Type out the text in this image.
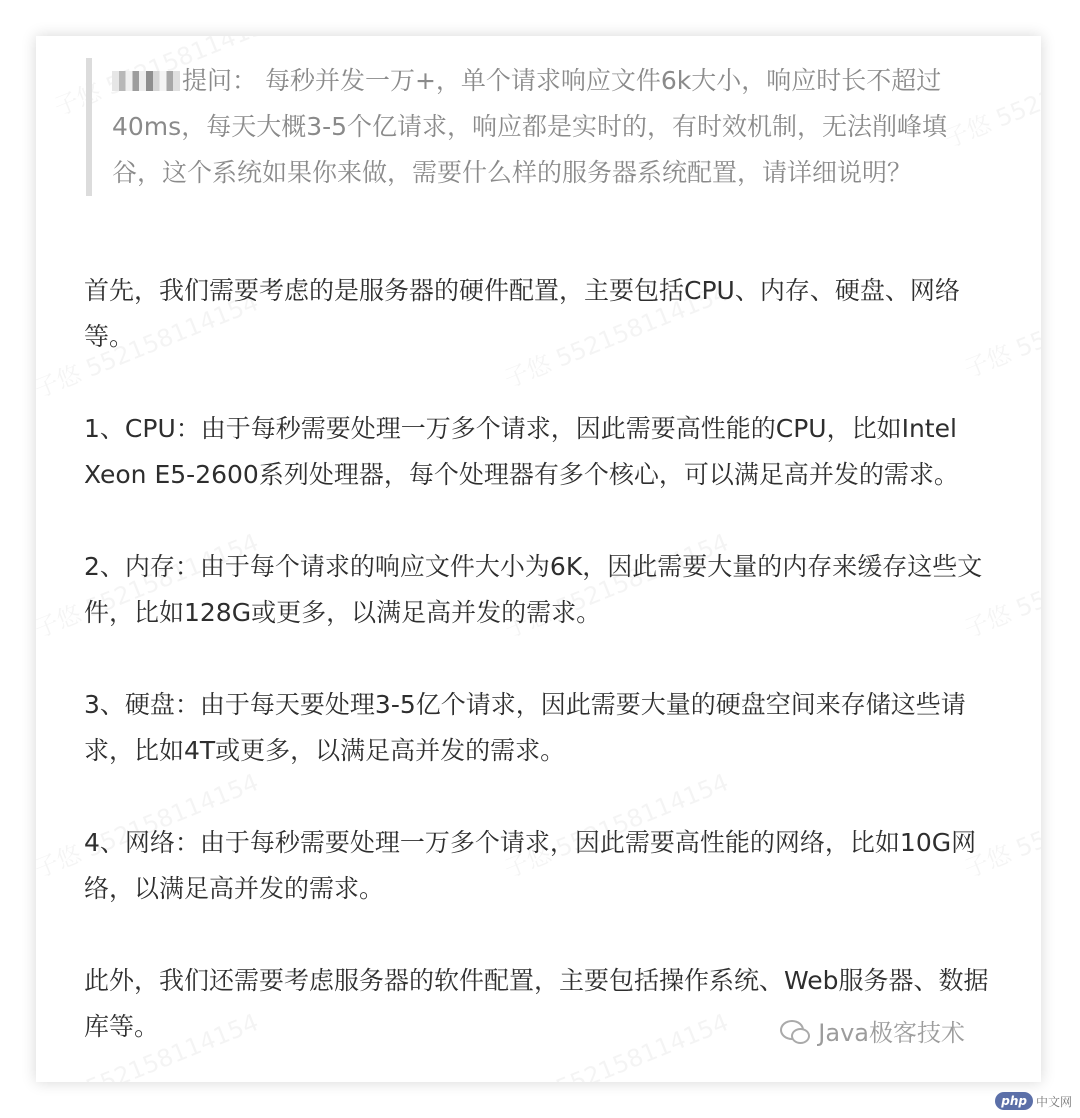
提问： 每秒并发一万+，单个请求响应文件6k大小，响应时长不超过40ms，每天大概3-5个亿请求，响应都是实时的，有时效机制，无法削峰填谷，这个系统如果你来做，需要什么样的服务器系统配置，请详细说明？

首先，我们需要考虑的是服务器的硬件配置，主要包括CPU、内存、硬盘、网络等。

1、CPU：由于每秒需要处理一万多个请求，因此需要高性能的CPU，比如Intel Xeon E5-2600系列处理器，每个处理器有多个核心，可以满足高并发的需求。

2、内存：由于每个请求的响应文件大小为6K，因此需要大量的内存来缓存这些文件，比如128G或更多，以满足高并发的需求。

3、硬盘：由于每天要处理3-5亿个请求，因此需要大量的硬盘空间来存储这些请求，比如4T或更多，以满足高并发的需求。

4、网络：由于每秒需要处理一万多个请求，因此需要高性能的网络，比如10G网络，以满足高并发的需求。

此外，我们还需要考虑服务器的软件配置，主要包括操作系统、Web服务器、数据库等。	Java极客技术
php 中文网
